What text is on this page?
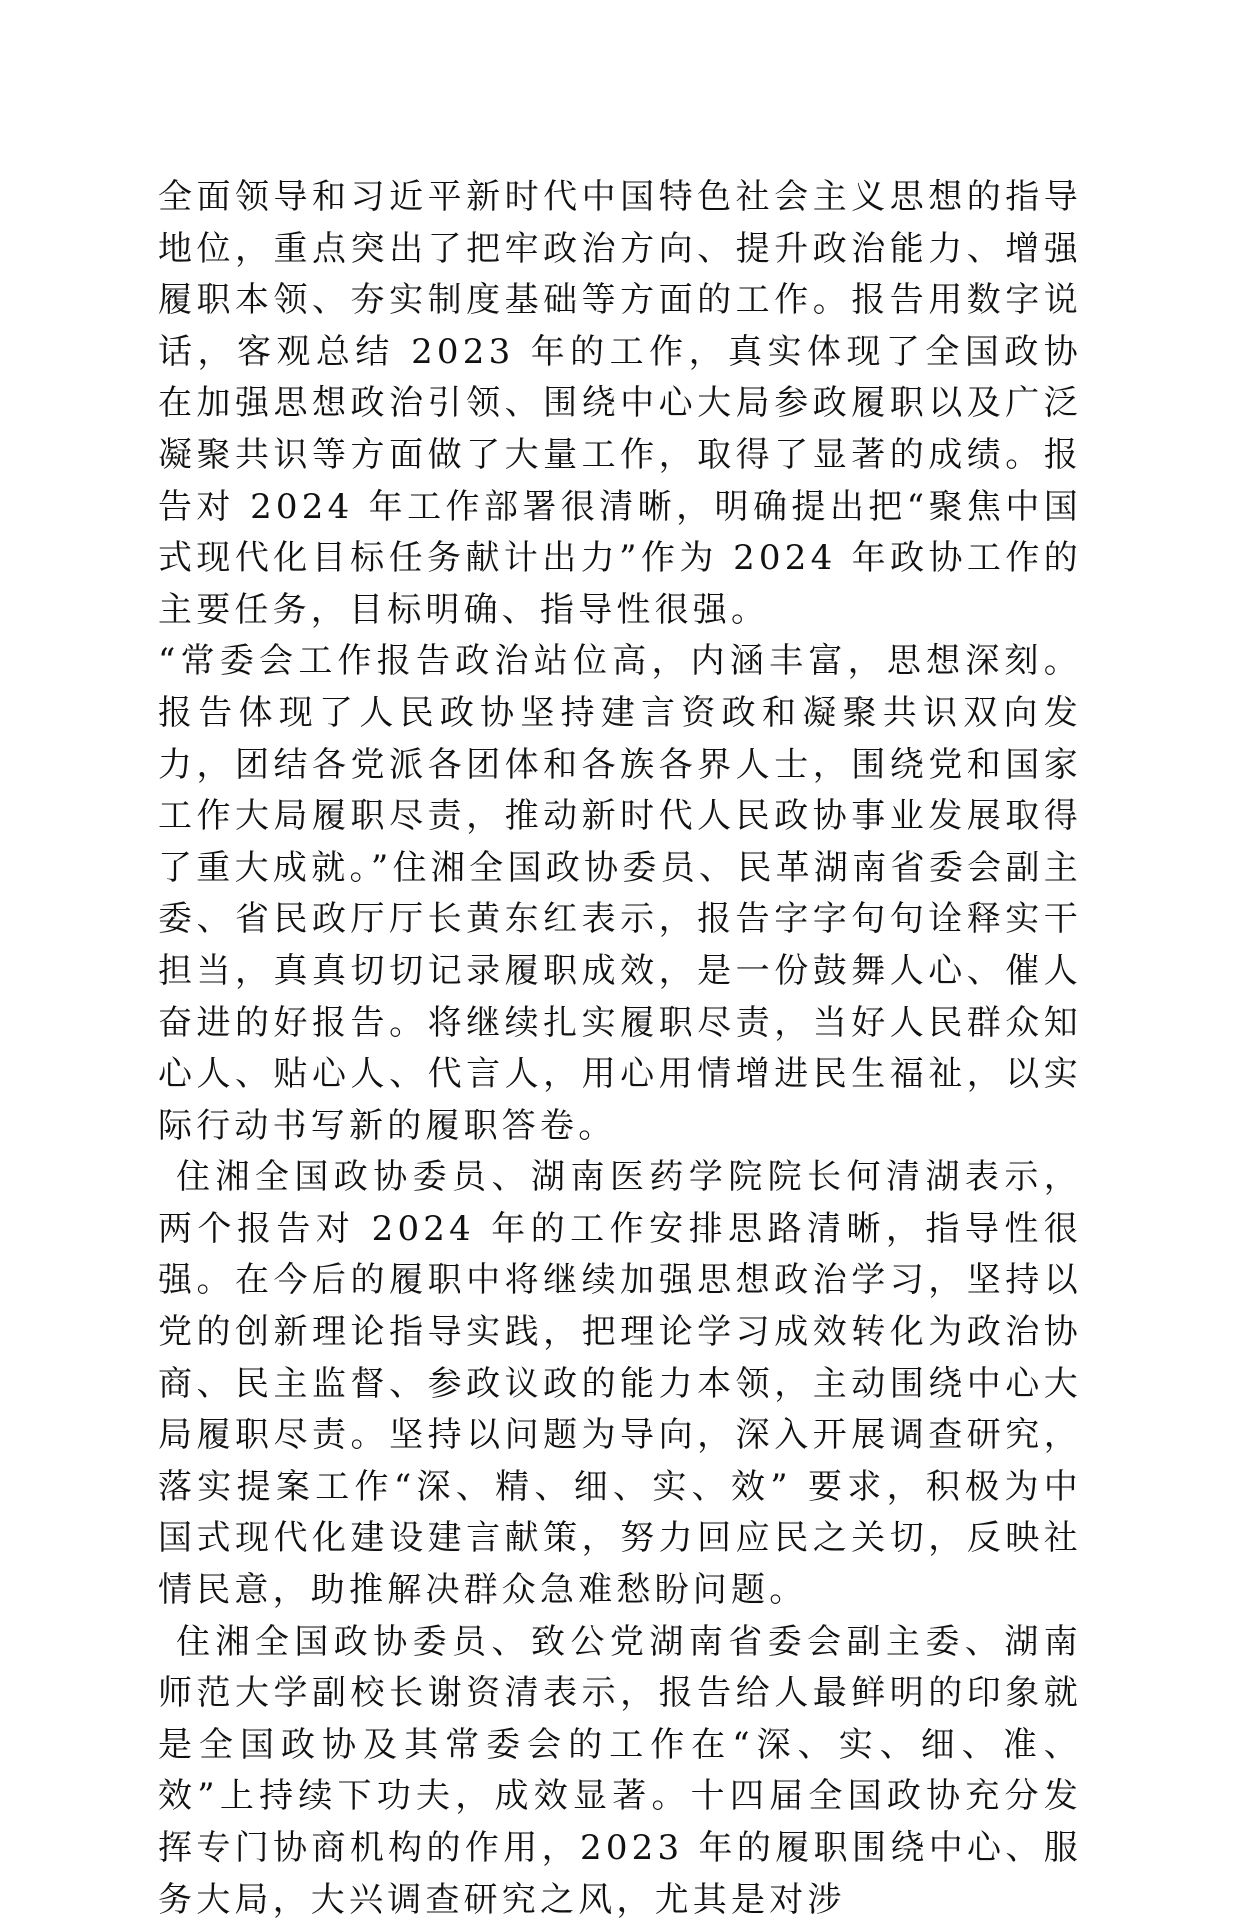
全面领导和习近平新时代中国特色社会主义思想的指导地位，重点突出了把牢政治方向、提升政治能力、增强履职本领、夯实制度基础等方面的工作。报告用数字说话，客观总结 2023 年的工作，真实体现了全国政协在加强思想政治引领、围绕中心大局参政履职以及广泛凝聚共识等方面做了大量工作，取得了显著的成绩。报告对 2024 年工作部署很清晰，明确提出把“聚焦中国式现代化目标任务献计出力”作为 2024 年政协工作的主要任务，目标明确、指导性很强。

“常委会工作报告政治站位高，内涵丰富，思想深刻。报告体现了人民政协坚持建言资政和凝聚共识双向发力，团结各党派各团体和各族各界人士，围绕党和国家工作大局履职尽责，推动新时代人民政协事业发展取得了重大成就。”住湘全国政协委员、民革湖南省委会副主委、省民政厅厅长黄东红表示，报告字字句句诠释实干担当，真真切切记录履职成效，是一份鼓舞人心、催人奋进的好报告。将继续扎实履职尽责，当好人民群众知心人、贴心人、代言人，用心用情增进民生福祉，以实际行动书写新的履职答卷。

住湘全国政协委员、湖南医药学院院长何清湖表示，两个报告对 2024 年的工作安排思路清晰，指导性很强。在今后的履职中将继续加强思想政治学习，坚持以党的创新理论指导实践，把理论学习成效转化为政治协商、民主监督、参政议政的能力本领，主动围绕中心大局履职尽责。坚持以问题为导向，深入开展调查研究，落实提案工作“深、精、细、实、效” 要求，积极为中国式现代化建设建言献策，努力回应民之关切，反映社情民意，助推解决群众急难愁盼问题。

住湘全国政协委员、致公党湖南省委会副主委、湖南师范大学副校长谢资清表示，报告给人最鲜明的印象就是全国政协及其常委会的工作在“深、实、细、准、效”上持续下功夫，成效显著。十四届全国政协充分发挥专门协商机构的作用，2023 年的履职围绕中心、服务大局，大兴调查研究之风，尤其是对涉
